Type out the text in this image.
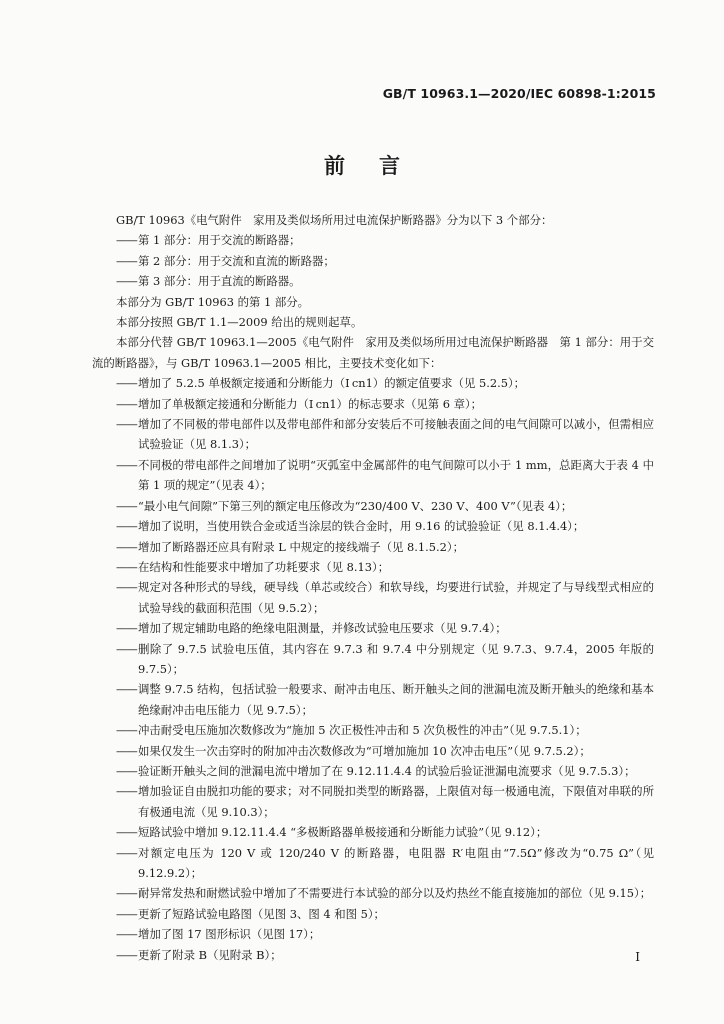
GB/T 10963.1—2020/IEC 60898-1:2015
前言

GB/T 10963《电气附件　家用及类似场所用过电流保护断路器》分为以下 3 个部分：

—— 第 1 部分：用于交流的断路器；

—— 第 2 部分：用于交流和直流的断路器；

—— 第 3 部分：用于直流的断路器。

本部分为 GB/T 10963 的第 1 部分。

本部分按照 GB/T 1.1—2009 给出的规则起草。

本部分代替 GB/T 10963.1—2005《电气附件　家用及类似场所用过电流保护断路器　第 1 部分：用于交流的断路器》，与 GB/T 10963.1—2005 相比，主要技术变化如下：

—— 增加了 5.2.5 单极额定接通和分断能力（I cn1）的额定值要求（见 5.2.5）；

—— 增加了单极额定接通和分断能力（I cn1）的标志要求（见第 6 章）；

—— 增加了不同极的带电部件以及带电部件和部分安装后不可接触表面之间的电气间隙可以减小，但需相应试验验证（见 8.1.3）；

—— 不同极的带电部件之间增加了说明“灭弧室中金属部件的电气间隙可以小于 1 mm，总距离大于表 4 中第 1 项的规定”（见表 4）；

—— “最小电气间隙”下第三列的额定电压修改为“230/400 V、230 V、400 V”（见表 4）；

—— 增加了说明，当使用铁合金或适当涂层的铁合金时，用 9.16 的试验验证（见 8.1.4.4）；

—— 增加了断路器还应具有附录 L 中规定的接线端子（见 8.1.5.2）；

—— 在结构和性能要求中增加了功耗要求（见 8.13）；

—— 规定对各种形式的导线，硬导线（单芯或绞合）和软导线，均要进行试验，并规定了与导线型式相应的试验导线的截面积范围（见 9.5.2）；

—— 增加了规定辅助电路的绝缘电阻测量，并修改试验电压要求（见 9.7.4）；

—— 删除了 9.7.5 试验电压值，其内容在 9.7.3 和 9.7.4 中分别规定（见 9.7.3、9.7.4，2005 年版的 9.7.5）；

—— 调整 9.7.5 结构，包括试验一般要求、耐冲击电压、断开触头之间的泄漏电流及断开触头的绝缘和基本绝缘耐冲击电压能力（见 9.7.5）；

—— 冲击耐受电压施加次数修改为“施加 5 次正极性冲击和 5 次负极性的冲击”（见 9.7.5.1）；

—— 如果仅发生一次击穿时的附加冲击次数修改为“可增加施加 10 次冲击电压”（见 9.7.5.2）；

—— 验证断开触头之间的泄漏电流中增加了在 9.12.11.4.4 的试验后验证泄漏电流要求（见 9.7.5.3）；

—— 增加验证自由脱扣功能的要求；对不同脱扣类型的断路器，上限值对每一极通电流，下限值对串联的所有极通电流（见 9.10.3）；

—— 短路试验中增加 9.12.11.4.4 “多极断路器单极接通和分断能力试验”（见 9.12）；

—— 对额定电压为 120 V 或 120/240 V 的断路器，电阻器 R′电阻由“7.5Ω”修改为“0.75 Ω”（见 9.12.9.2）；

—— 耐异常发热和耐燃试验中增加了不需要进行本试验的部分以及灼热丝不能直接施加的部位（见 9.15）；

—— 更新了短路试验电路图（见图 3、图 4 和图 5）；

—— 增加了图 17 图形标识（见图 17）；

—— 更新了附录 B（见附录 B）；	I
